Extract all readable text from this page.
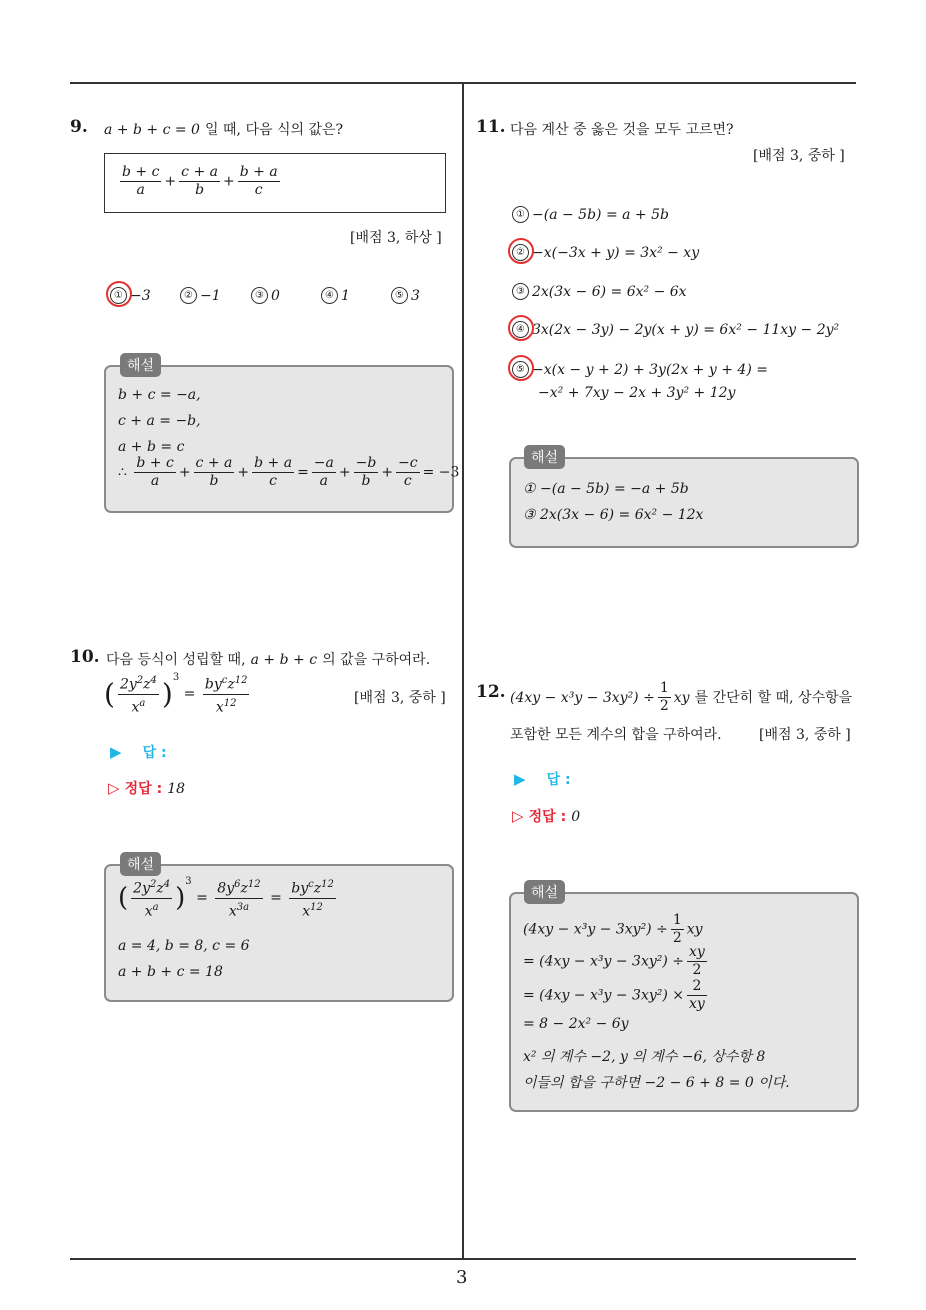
3
9. a + b + c = 0 일 때, 다음 식의 값은?
$\frac{b + c}{a} + \frac{c + a}{b} + \frac{b + a}{c}$
[배점 3, 하상 ]
① −3	② −1	③ 0	④ 1	⑤ 3
b + c = −a,
c + a = −b,
a + b = c
∴ $\frac{b + c}{a} + \frac{c + a}{b} + \frac{b + a}{c} = \frac{-a}{a} + \frac{-b}{b} + \frac{-c}{c} = -3$
해설
10. 다음 등식이 성립할 때, a + b + c 의 값을 구하여라.
( $\frac{2y^2z^4}{x^a} )^3 = \frac{by^cz^{12}}{x^{12}}$	[배점 3, 중하 ]
▶ 답 :
▷ 정답 : 18
( $\frac{2y^2z^4}{x^a} )^3 = \frac{8y^6z^{12}}{x^{3a}} = \frac{by^cz^{12}}{x^{12}}$
a = 4, b = 8, c = 6
a + b + c = 18
해설
11. 다음 계산 중 옳은 것을 모두 고르면?
[배점 3, 중하 ]
① −(a − 5b) = a + 5b
② −x(−3x + y) = 3x² − xy
③ 2x(3x − 6) = 6x² − 6x
④ 3x(2x − 3y) − 2y(x + y) = 6x² − 11xy − 2y²
⑤ −x(x − y + 2) + 3y(2x + y + 4) =
−x² + 7xy − 2x + 3y² + 12y
① −(a − 5b) = −a + 5b
③ 2x(3x − 6) = 6x² − 12x
해설
12. $(4xy - x^3y - 3xy^2) \div \frac{1}{2}$ xy 를 간단히 할 때, 상수항을
포함한 모든 계수의 합을 구하여라.	[배점 3, 중하 ]
▶ 답 :
▷ 정답 : 0
$(4xy - x^3y - 3xy^2) \div \frac{1}{2}$ xy
= $(4xy - x^3y - 3xy^2) \div \frac{xy}{2}$
= $(4xy - x^3y - 3xy^2) \times \frac{2}{xy}$
= 8 − 2x² − 6y
x² 의 계수 −2, y 의 계수 −6, 상수항 8
이들의 합을 구하면 −2 − 6 + 8 = 0 이다.
해설
